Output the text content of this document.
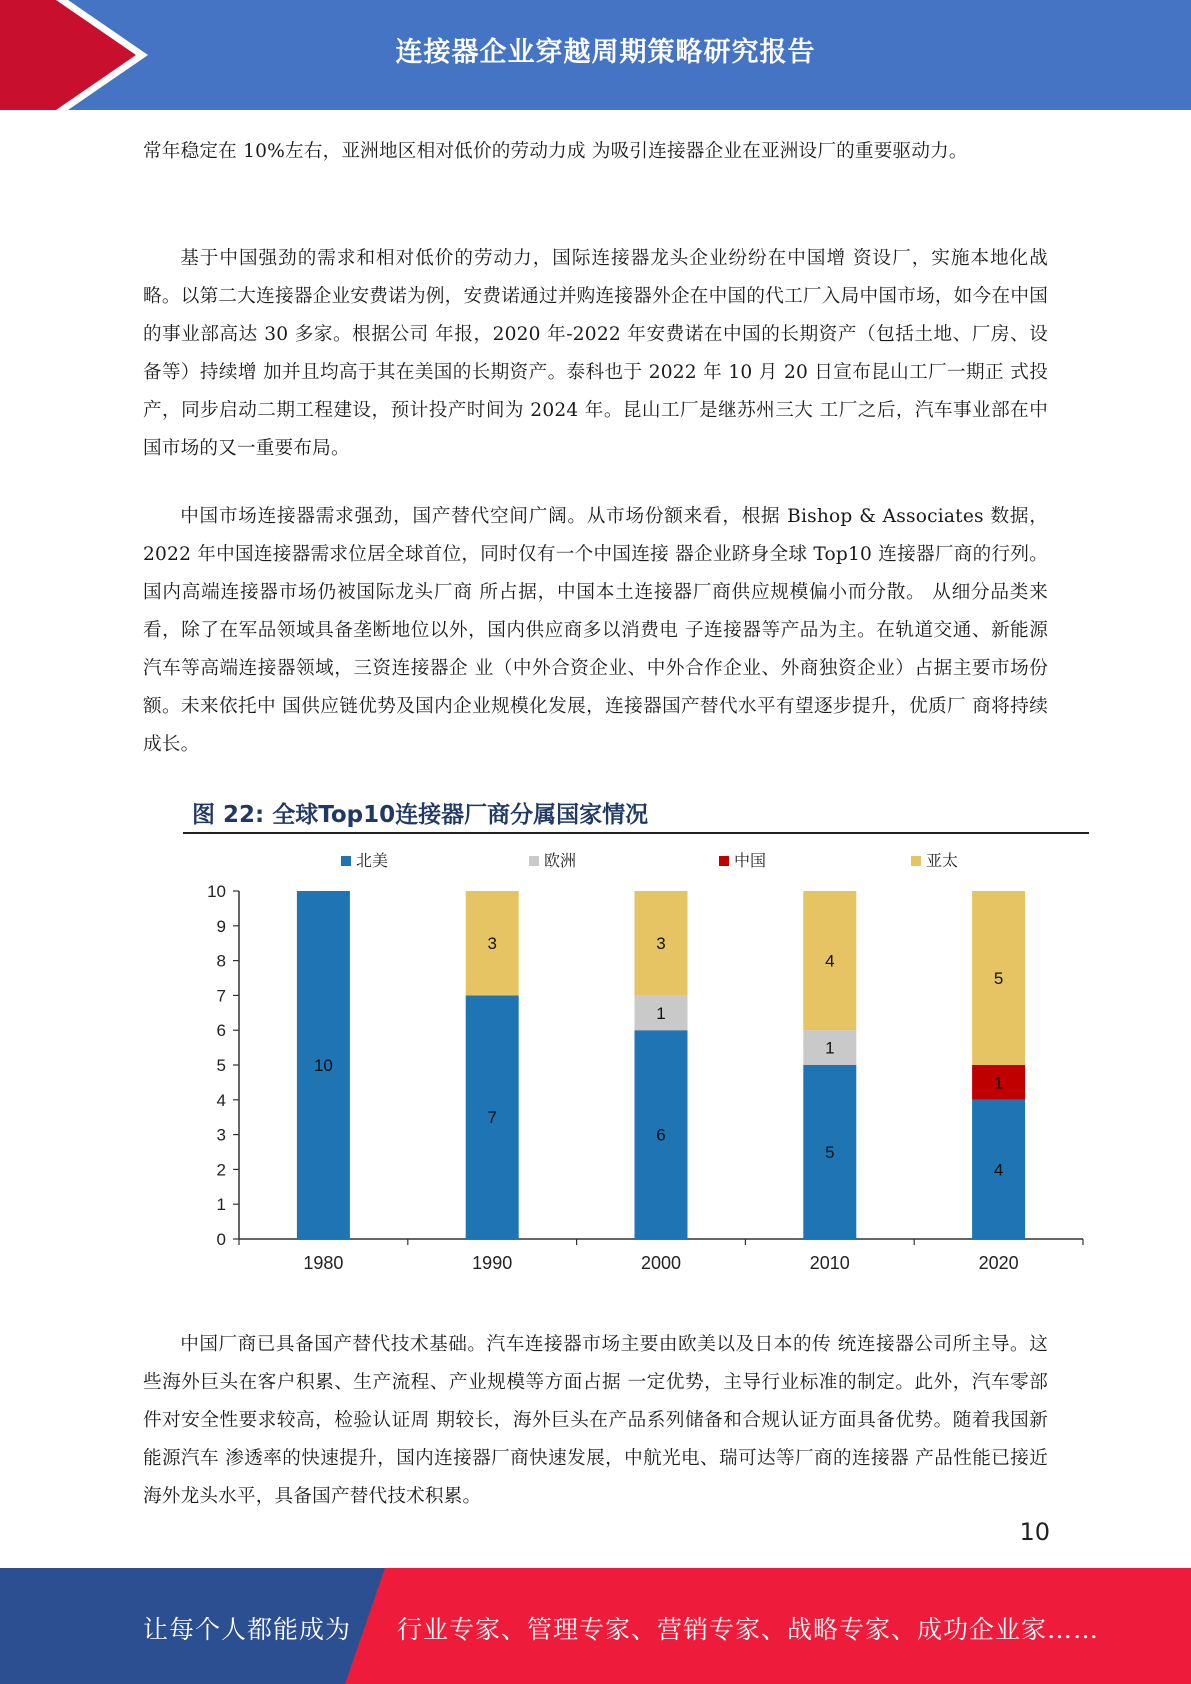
连接器企业穿越周期策略研究报告

常年稳定在 10%左右，亚洲地区相对低价的劳动力成 为吸引连接器企业在亚洲设厂的重要驱动力。

基于中国强劲的需求和相对低价的劳动力，国际连接器龙头企业纷纷在中国增 资设厂，实施本地化战略。以第二大连接器企业安费诺为例，安费诺通过并购连接器外企在中国的代工厂入局中国市场，如今在中国的事业部高达 30 多家。根据公司 年报，2020 年-2022 年安费诺在中国的长期资产（包括土地、厂房、设备等）持续增 加并且均高于其在美国的长期资产。泰科也于 2022 年 10 月 20 日宣布昆山工厂一期正 式投产，同步启动二期工程建设，预计投产时间为 2024 年。昆山工厂是继苏州三大 工厂之后，汽车事业部在中国市场的又一重要布局。

中国市场连接器需求强劲，国产替代空间广阔。从市场份额来看，根据 Bishop & Associates 数据，2022 年中国连接器需求位居全球首位，同时仅有一个中国连接 器企业跻身全球 Top10 连接器厂商的行列。国内高端连接器市场仍被国际龙头厂商 所占据，中国本土连接器厂商供应规模偏小而分散。 从细分品类来看，除了在军品领域具备垄断地位以外，国内供应商多以消费电 子连接器等产品为主。在轨道交通、新能源汽车等高端连接器领域，三资连接器企 业（中外合资企业、中外合作企业、外商独资企业）占据主要市场份额。未来依托中 国供应链优势及国内企业规模化发展，连接器国产替代水平有望逐步提升，优质厂 商将持续成长。

图 22: 全球Top10连接器厂商分属国家情况
北美	欧洲	中国	亚太
0
1
2
3
4
5
6
7
8
9
10
10
1980
7
3
1990
6
1
3
2000
5
1
4
2010
4
1
5
2020

中国厂商已具备国产替代技术基础。汽车连接器市场主要由欧美以及日本的传 统连接器公司所主导。这些海外巨头在客户积累、生产流程、产业规模等方面占据 一定优势，主导行业标准的制定。此外，汽车零部件对安全性要求较高，检验认证周 期较长，海外巨头在产品系列储备和合规认证方面具备优势。随着我国新能源汽车 渗透率的快速提升，国内连接器厂商快速发展，中航光电、瑞可达等厂商的连接器 产品性能已接近海外龙头水平，具备国产替代技术积累。

10
让每个人都能成为 行业专家、管理专家、营销专家、战略专家、成功企业家……
